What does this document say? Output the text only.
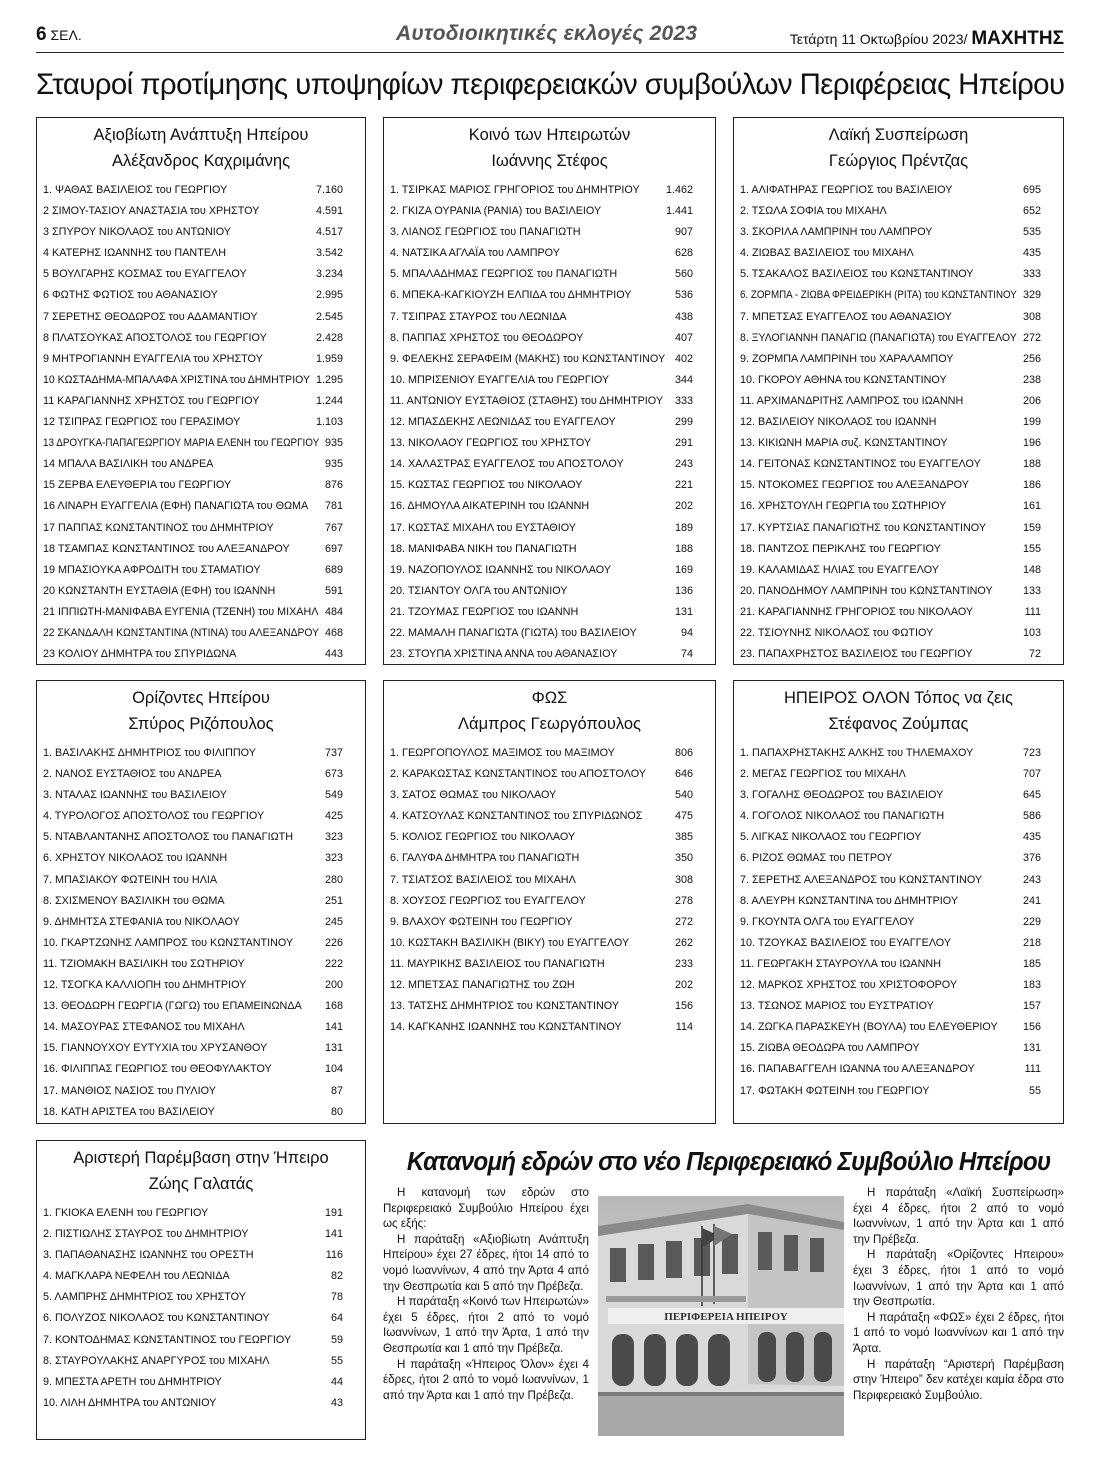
6 ΣΕΛ.	Αυτοδιοικητικές εκλογές 2023	Τετάρτη 11 Οκτωβρίου 2023/ ΜΑΧΗΤΗΣ
Σταυροί προτίμησης υποψηφίων περιφερειακών συμβούλων Περιφέρειας Ηπείρου
Αξιοβίωτη Ανάπτυξη Ηπείρου
Αλέξανδρος Καχριμάνης
1. ΨΑΘΑΣ ΒΑΣΙΛΕΙΟΣ του ΓΕΩΡΓΙΟΥ	7.160
2 ΣΙΜΟΥ-ΤΑΣΙΟΥ ΑΝΑΣΤΑΣΙΑ του ΧΡΗΣΤΟΥ	4.591
3 ΣΠΥΡΟΥ ΝΙΚΟΛΑΟΣ του ΑΝΤΩΝΙΟΥ	4.517
4 ΚΑΤΕΡΗΣ ΙΩΑΝΝΗΣ του ΠΑΝΤΕΛΗ	3.542
5 ΒΟΥΛΓΑΡΗΣ ΚΟΣΜΑΣ του ΕΥΑΓΓΕΛΟΥ	3.234
6 ΦΩΤΗΣ ΦΩΤΙΟΣ του ΑΘΑΝΑΣΙΟΥ	2.995
7 ΣΕΡΕΤΗΣ ΘΕΟΔΩΡΟΣ του ΑΔΑΜΑΝΤΙΟΥ	2.545
8 ΠΛΑΤΣΟΥΚΑΣ ΑΠΟΣΤΟΛΟΣ του ΓΕΩΡΓΙΟΥ	2.428
9 ΜΗΤΡΟΓΙΑΝΝΗ ΕΥΑΓΓΕΛΙΑ του ΧΡΗΣΤΟΥ	1.959
10 ΚΩΣΤΑΔΗΜΑ-ΜΠΑΛΑΦΑ ΧΡΙΣΤΙΝΑ του ΔΗΜΗΤΡΙΟΥ 1.295
11 ΚΑΡΑΓΙΑΝΝΗΣ ΧΡΗΣΤΟΣ του ΓΕΩΡΓΙΟΥ	1.244
12 ΤΣΙΠΡΑΣ ΓΕΩΡΓΙΟΣ του ΓΕΡΑΣΙΜΟΥ	1.103
13 ΔΡΟΥΓΚΑ-ΠΑΠΑΓΕΩΡΓΙΟΥ ΜΑΡΙΑ ΕΛΕΝΗ του ΓΕΩΡΓΙΟΥ 935
14 ΜΠΑΛΑ ΒΑΣΙΛΙΚΗ του ΑΝΔΡΕΑ	935
15 ΖΕΡΒΑ ΕΛΕΥΘΕΡΙΑ του ΓΕΩΡΓΙΟΥ	876
16 ΛΙΝΑΡΗ ΕΥΑΓΓΕΛΙΑ (ΕΦΗ) ΠΑΝΑΓΙΩΤΑ του ΘΩΜΑ 781
17 ΠΑΠΠΑΣ ΚΩΝΣΤΑΝΤΙΝΟΣ του ΔΗΜΗΤΡΙΟΥ	767
18 ΤΣΑΜΠΑΣ ΚΩΝΣΤΑΝΤΙΝΟΣ του ΑΛΕΞΑΝΔΡΟΥ	697
19 ΜΠΑΣΙΟΥΚΑ ΑΦΡΟΔΙΤΗ του ΣΤΑΜΑΤΙΟΥ	689
20 ΚΩΝΣΤΑΝΤΗ ΕΥΣΤΑΘΙΑ (ΕΦΗ) του ΙΩΑΝΝΗ	591
21 ΙΠΠΙΩΤΗ-ΜΑΝΙΦΑΒΑ ΕΥΓΕΝΙΑ (ΤΖΕΝΗ) του ΜΙΧΑΗΛ 484
22 ΣΚΑΝΔΑΛΗ ΚΩΝΣΤΑΝΤΙΝΑ (ΝΤΙΝΑ) του ΑΛΕΞΑΝΔΡΟΥ 468
23 ΚΟΛΙΟΥ ΔΗΜΗΤΡΑ του ΣΠΥΡΙΔΩΝΑ	443
Κοινό των Ηπειρωτών
Ιωάννης Στέφος
1. ΤΣΙΡΚΑΣ ΜΑΡΙΟΣ ΓΡΗΓΟΡΙΟΣ του ΔΗΜΗΤΡΙΟΥ 1.462
2. ΓΚΙΖΑ ΟΥΡΑΝΙΑ (ΡΑΝΙΑ) του ΒΑΣΙΛΕΙΟΥ	1.441
3. ΛΙΑΝΟΣ ΓΕΩΡΓΙΟΣ του ΠΑΝΑΓΙΩΤΗ	907
4. ΝΑΤΣΙΚΑ ΑΓΛΑΪΑ του ΛΑΜΠΡΟΥ	628
5. ΜΠΑΛΑΔΗΜΑΣ ΓΕΩΡΓΙΟΣ του ΠΑΝΑΓΙΩΤΗ	560
6. ΜΠΕΚΑ-ΚΑΓΚΙΟΥΖΗ ΕΛΠΙΔΑ του ΔΗΜΗΤΡΙΟΥ	536
7. ΤΣΙΠΡΑΣ ΣΤΑΥΡΟΣ του ΛΕΩΝΙΔΑ	438
8. ΠΑΠΠΑΣ ΧΡΗΣΤΟΣ του ΘΕΟΔΩΡΟΥ	407
9. ΦΕΛΕΚΗΣ ΣΕΡΑΦΕΙΜ (ΜΑΚΗΣ) του ΚΩΝΣΤΑΝΤΙΝΟΥ 402
10. ΜΠΡΙΣΕΝΙΟΥ ΕΥΑΓΓΕΛΙΑ του ΓΕΩΡΓΙΟΥ	344
11. ΑΝΤΩΝΙΟΥ ΕΥΣΤΑΘΙΟΣ (ΣΤΑΘΗΣ) του ΔΗΜΗΤΡΙΟΥ 333
12. ΜΠΑΣΔΕΚΗΣ ΛΕΩΝΙΔΑΣ του ΕΥΑΓΓΕΛΟΥ	299
13. ΝΙΚΟΛΑΟΥ ΓΕΩΡΓΙΟΣ του ΧΡΗΣΤΟΥ	291
14. ΧΑΛΑΣΤΡΑΣ ΕΥΑΓΓΕΛΟΣ του ΑΠΟΣΤΟΛΟΥ	243
15. ΚΩΣΤΑΣ ΓΕΩΡΓΙΟΣ του ΝΙΚΟΛΑΟΥ	221
16. ΔΗΜΟΥΛΑ ΑΙΚΑΤΕΡΙΝΗ του ΙΩΑΝΝΗ	202
17. ΚΩΣΤΑΣ ΜΙΧΑΗΛ του ΕΥΣΤΑΘΙΟΥ	189
18. ΜΑΝΙΦΑΒΑ ΝΙΚΗ του ΠΑΝΑΓΙΩΤΗ	188
19. ΝΑΖΟΠΟΥΛΟΣ ΙΩΑΝΝΗΣ του ΝΙΚΟΛΑΟΥ	169
20. ΤΣΙΑΝΤΟΥ ΟΛΓΑ του ΑΝΤΩΝΙΟΥ	136
21. ΤΖΟΥΜΑΣ ΓΕΩΡΓΙΟΣ του ΙΩΑΝΝΗ	131
22. ΜΑΜΑΛΗ ΠΑΝΑΓΙΩΤΑ (ΓΙΩΤΑ) του ΒΑΣΙΛΕΙΟΥ	94
23. ΣΤΟΥΠΑ ΧΡΙΣΤΙΝΑ ΑΝΝΑ του ΑΘΑΝΑΣΙΟΥ	74
Λαϊκή Συσπείρωση
Γεώργιος Πρέντζας
1. ΑΛΙΦΑΤΗΡΑΣ ΓΕΩΡΓΙΟΣ του ΒΑΣΙΛΕΙΟΥ	695
2. ΤΣΩΛΑ ΣΟΦΙΑ του ΜΙΧΑΗΛ	652
3. ΣΚΟΡΙΛΑ ΛΑΜΠΡΙΝΗ του ΛΑΜΠΡΟΥ	535
4. ΖΙΩΒΑΣ ΒΑΣΙΛΕΙΟΣ του ΜΙΧΑΗΛ	435
5. ΤΣΑΚΑΛΟΣ ΒΑΣΙΛΕΙΟΣ του ΚΩΝΣΤΑΝΤΙΝΟΥ	333
6. ΖΟΡΜΠΑ - ΖΙΩΒΑ ΦΡΕΙΔΕΡΙΚΗ (ΡΙΤΑ) του ΚΩΝΣΤΑΝΤΙΝΟΥ 329
7. ΜΠΕΤΣΑΣ ΕΥΑΓΓΕΛΟΣ του ΑΘΑΝΑΣΙΟΥ	308
8. ΞΥΛΟΓΙΑΝΝΗ ΠΑΝΑΓΙΩ (ΠΑΝΑΓΙΩΤΑ) του ΕΥΑΓΓΕΛΟΥ 272
9. ΖΟΡΜΠΑ ΛΑΜΠΡΙΝΗ του ΧΑΡΑΛΑΜΠΟΥ	256
10. ΓΚΟΡΟΥ ΑΘΗΝΑ του ΚΩΝΣΤΑΝΤΙΝΟΥ	238
11. ΑΡΧΙΜΑΝΔΡΙΤΗΣ ΛΑΜΠΡΟΣ του ΙΩΑΝΝΗ	206
12. ΒΑΣΙΛΕΙΟΥ ΝΙΚΟΛΑΟΣ του ΙΩΑΝΝΗ	199
13. ΚΙΚΙΩΝΗ ΜΑΡΙΑ συζ. ΚΩΝΣΤΑΝΤΙΝΟΥ	196
14. ΓΕΙΤΟΝΑΣ ΚΩΝΣΤΑΝΤΙΝΟΣ του ΕΥΑΓΓΕΛΟΥ	188
15. ΝΤΟΚΟΜΕΣ ΓΕΩΡΓΙΟΣ του ΑΛΕΞΑΝΔΡΟΥ	186
16. ΧΡΗΣΤΟΥΛΗ ΓΕΩΡΓΙΑ του ΣΩΤΗΡΙΟΥ	161
17. ΚΥΡΤΣΙΑΣ ΠΑΝΑΓΙΩΤΗΣ του ΚΩΝΣΤΑΝΤΙΝΟΥ	159
18. ΠΑΝΤΖΟΣ ΠΕΡΙΚΛΗΣ του ΓΕΩΡΓΙΟΥ	155
19. ΚΑΛΑΜΙΔΑΣ ΗΛΙΑΣ του ΕΥΑΓΓΕΛΟΥ	148
20. ΠΑΝΟΔΗΜΟΥ ΛΑΜΠΡΙΝΗ του ΚΩΝΣΤΑΝΤΙΝΟΥ	133
21. ΚΑΡΑΓΙΑΝΝΗΣ ΓΡΗΓΟΡΙΟΣ του ΝΙΚΟΛΑΟΥ	111
22. ΤΣΙΟΥΝΗΣ ΝΙΚΟΛΑΟΣ του ΦΩΤΙΟΥ	103
23. ΠΑΠΑΧΡΗΣΤΟΣ ΒΑΣΙΛΕΙΟΣ του ΓΕΩΡΓΙΟΥ	72
Ορίζοντες Ηπείρου
Σπύρος Ριζόπουλος
1. ΒΑΣΙΛΑΚΗΣ ΔΗΜΗΤΡΙΟΣ του ΦΙΛΙΠΠΟΥ	737
2. ΝΑΝΟΣ ΕΥΣΤΑΘΙΟΣ του ΑΝΔΡΕΑ	673
3. ΝΤΑΛΑΣ ΙΩΑΝΝΗΣ του ΒΑΣΙΛΕΙΟΥ	549
4. ΤΥΡΟΛΟΓΟΣ ΑΠΟΣΤΟΛΟΣ του ΓΕΩΡΓΙΟΥ	425
5. ΝΤΑΒΛΑΝΤΑΝΗΣ ΑΠΟΣΤΟΛΟΣ του ΠΑΝΑΓΙΩΤΗ	323
6. ΧΡΗΣΤΟΥ ΝΙΚΟΛΑΟΣ του ΙΩΑΝΝΗ	323
7. ΜΠΑΣΙΑΚΟΥ ΦΩΤΕΙΝΗ του ΗΛΙΑ	280
8. ΣΧΙΣΜΕΝΟΥ ΒΑΣΙΛΙΚΗ του ΘΩΜΑ	251
9. ΔΗΜΗΤΣΑ ΣΤΕΦΑΝΙΑ του ΝΙΚΟΛΑΟΥ	245
10. ΓΚΑΡΤΖΩΝΗΣ ΛΑΜΠΡΟΣ του ΚΩΝΣΤΑΝΤΙΝΟΥ	226
11. ΤΖΙΟΜΑΚΗ ΒΑΣΙΛΙΚΗ του ΣΩΤΗΡΙΟΥ	222
12. ΤΣΟΓΚΑ ΚΑΛΛΙΟΠΗ του ΔΗΜΗΤΡΙΟΥ	200
13. ΘΕΟΔΩΡΗ ΓΕΩΡΓΙΑ (ΓΩΓΩ) του ΕΠΑΜΕΙΝΩΝΔΑ 168
14. ΜΑΣΟΥΡΑΣ ΣΤΕΦΑΝΟΣ του ΜΙΧΑΗΛ	141
15. ΓΙΑΝΝΟΥΧΟΥ ΕΥΤΥΧΙΑ του ΧΡΥΣΑΝΘΟΥ	131
16. ΦΙΛΙΠΠΑΣ ΓΕΩΡΓΙΟΣ του ΘΕΟΦΥΛΑΚΤΟΥ	104
17. ΜΑΝΘΙΟΣ ΝΑΣΙΟΣ του ΠΥΛΙΟΥ	87
18. ΚΑΤΗ ΑΡΙΣΤΕΑ του ΒΑΣΙΛΕΙΟΥ	80
ΦΩΣ
Λάμπρος Γεωργόπουλος
1. ΓΕΩΡΓΟΠΟΥΛΟΣ ΜΑΞΙΜΟΣ του ΜΑΞΙΜΟΥ	806
2. ΚΑΡΑΚΩΣΤΑΣ ΚΩΝΣΤΑΝΤΙΝΟΣ του ΑΠΟΣΤΟΛΟΥ	646
3. ΣΑΤΟΣ ΘΩΜΑΣ του ΝΙΚΟΛΑΟΥ	540
4. ΚΑΤΣΟΥΛΑΣ ΚΩΝΣΤΑΝΤΙΝΟΣ του ΣΠΥΡΙΔΩΝΟΣ	475
5. ΚΟΛΙΟΣ ΓΕΩΡΓΙΟΣ του ΝΙΚΟΛΑΟΥ	385
6. ΓΑΛΥΦΑ ΔΗΜΗΤΡΑ του ΠΑΝΑΓΙΩΤΗ	350
7. ΤΣΙΑΤΣΟΣ ΒΑΣΙΛΕΙΟΣ του ΜΙΧΑΗΛ	308
8. ΧΟΥΣΟΣ ΓΕΩΡΓΙΟΣ του ΕΥΑΓΓΕΛΟΥ	278
9. ΒΛΑΧΟΥ ΦΩΤΕΙΝΗ του ΓΕΩΡΓΙΟΥ	272
10. ΚΩΣΤΑΚΗ ΒΑΣΙΛΙΚΗ (ΒΙΚΥ) του ΕΥΑΓΓΕΛΟΥ	262
11. ΜΑΥΡΙΚΗΣ ΒΑΣΙΛΕΙΟΣ του ΠΑΝΑΓΙΩΤΗ	233
12. ΜΠΕΤΣΑΣ ΠΑΝΑΓΙΩΤΗΣ του ΖΩΗ	202
13. ΤΑΤΣΗΣ ΔΗΜΗΤΡΙΟΣ του ΚΩΝΣΤΑΝΤΙΝΟΥ	156
14. ΚΑΓΚΑΝΗΣ ΙΩΑΝΝΗΣ του ΚΩΝΣΤΑΝΤΙΝΟΥ	114
ΗΠΕΙΡΟΣ ΟΛΟΝ Τόπος να ζεις
Στέφανος Ζούμπας
1. ΠΑΠΑΧΡΗΣΤΑΚΗΣ ΑΛΚΗΣ του ΤΗΛΕΜΑΧΟΥ	723
2. ΜΕΓΑΣ ΓΕΩΡΓΙΟΣ του ΜΙΧΑΗΛ	707
3. ΓΟΓΑΛΗΣ ΘΕΟΔΩΡΟΣ του ΒΑΣΙΛΕΙΟΥ	645
4. ΓΟΓΟΛΟΣ ΝΙΚΟΛΑΟΣ του ΠΑΝΑΓΙΩΤΗ	586
5. ΛΙΓΚΑΣ ΝΙΚΟΛΑΟΣ του ΓΕΩΡΓΙΟΥ	435
6. ΡΙΖΟΣ ΘΩΜΑΣ του ΠΕΤΡΟΥ	376
7. ΣΕΡΕΤΗΣ ΑΛΕΞΑΝΔΡΟΣ του ΚΩΝΣΤΑΝΤΙΝΟΥ	243
8. ΑΛΕΥΡΗ ΚΩΝΣΤΑΝΤΙΝΑ του ΔΗΜΗΤΡΙΟΥ	241
9. ΓΚΟΥΝΤΑ ΟΛΓΑ του ΕΥΑΓΓΕΛΟΥ	229
10. ΤΖΟΥΚΑΣ ΒΑΣΙΛΕΙΟΣ του ΕΥΑΓΓΕΛΟΥ	218
11. ΓΕΩΡΓΑΚΗ ΣΤΑΥΡΟΥΛΑ του ΙΩΑΝΝΗ	185
12. ΜΑΡΚΟΣ ΧΡΗΣΤΟΣ του ΧΡΙΣΤΟΦΟΡΟΥ	183
13. ΤΣΩΝΟΣ ΜΑΡΙΟΣ του ΕΥΣΤΡΑΤΙΟΥ	157
14. ΖΩΓΚΑ ΠΑΡΑΣΚΕΥΗ (ΒΟΥΛΑ) του ΕΛΕΥΘΕΡΙΟΥ 156
15. ΖΙΩΒΑ ΘΕΟΔΩΡΑ του ΛΑΜΠΡΟΥ	131
16. ΠΑΠΑΒΑΓΓΕΛΗ ΙΩΑΝΝΑ του ΑΛΕΞΑΝΔΡΟΥ	111
17. ΦΩΤΑΚΗ ΦΩΤΕΙΝΗ του ΓΕΩΡΓΙΟΥ	55
Αριστερή Παρέμβαση στην Ήπειρο
Ζώης Γαλατάς
1. ΓΚΙΟΚΑ ΕΛΕΝΗ του ΓΕΩΡΓΙΟΥ	191
2. ΠΙΣΤΙΩΛΗΣ ΣΤΑΥΡΟΣ του ΔΗΜΗΤΡΙΟΥ	141
3. ΠΑΠΑΘΑΝΑΣΗΣ ΙΩΑΝΝΗΣ του ΟΡΕΣΤΗ	116
4. ΜΑΓΚΛΑΡΑ ΝΕΦΕΛΗ του ΛΕΩΝΙΔΑ	82
5. ΛΑΜΠΡΗΣ ΔΗΜΗΤΡΙΟΣ του ΧΡΗΣΤΟΥ	78
6. ΠΟΛΥΖΟΣ ΝΙΚΟΛΑΟΣ του ΚΩΝΣΤΑΝΤΙΝΟΥ	64
7. ΚΟΝΤΟΔΗΜΑΣ ΚΩΝΣΤΑΝΤΙΝΟΣ του ΓΕΩΡΓΙΟΥ	59
8. ΣΤΑΥΡΟΥΛΑΚΗΣ ΑΝΑΡΓΥΡΟΣ του ΜΙΧΑΗΛ	55
9. ΜΠΕΣΤΑ ΑΡΕΤΗ του ΔΗΜΗΤΡΙΟΥ	44
10. ΛΙΛΗ ΔΗΜΗΤΡΑ του ΑΝΤΩΝΙΟΥ	43
Κατανομή εδρών στο νέο Περιφερειακό Συμβούλιο Ηπείρου

Η κατανομή των εδρών στο Περιφερειακό Συμβούλιο Ηπείρου έχει ως εξής:

Η παράταξη «Αξιοβίωτη Ανάπτυξη Ηπείρου» έχει 27 έδρες, ήτοι 14 από το νομό Ιωαννίνων, 4 από την Άρτα 4 από την Θεσπρωτία και 5 από την Πρέβεζα.

Η παράταξη «Κοινό των Ηπειρωτών» έχει 5 έδρες, ήτοι 2 από το νομό Ιωαννίνων, 1 από την Άρτα, 1 από την Θεσπρωτία και 1 από την Πρέβεζα.

Η παράταξη «Ήπειρος Όλον» έχει 4 έδρες, ήτοι 2 από το νομό Ιωαννίνων, 1 από την Άρτα και 1 από την Πρέβεζα.

ΠΕΡΙΦΕΡΕΙΑ ΗΠΕΙΡΟΥ

Η παράταξη «Λαϊκή Συσπείρωση» έχει 4 έδρες, ήτοι 2 από το νομό Ιωαννίνων, 1 από την Άρτα και 1 από την Πρέβεζα.

Η παράταξη «Ορίζοντες Ηπειρου» έχει 3 έδρες, ήτοι 1 από το νομό Ιωαννίνων, 1 από την Άρτα και 1 από την Θεσπρωτία.

Η παράταξη «ΦΩΣ» έχει 2 έδρες, ήτοι 1 από το νομό Ιωαννίνων και 1 από την Άρτα.

Η παράταξη “Αριστερή Παρέμβαση στην Ήπειρο” δεν κατέχει καμία έδρα στο Περιφερειακό Συμβούλιο.
